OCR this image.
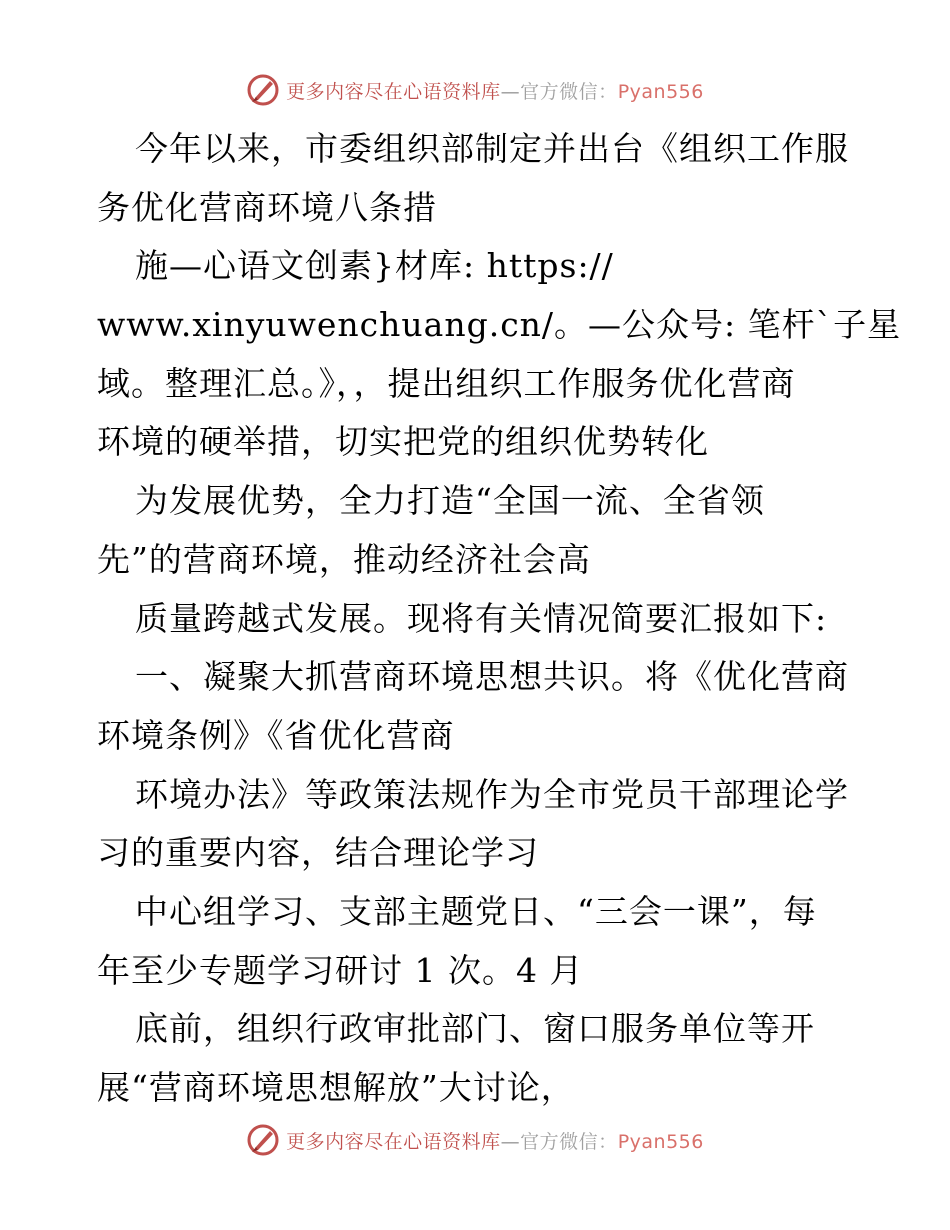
更多内容尽在心语资料库—官方微信：Pyan556
今年以来，市委组织部制定并出台《组织工作服
务优化营商环境八条措
施—心语文创素}材库: https://
www.xinyuwenchuang.cn/。—公众号: 笔杆`子星
域。整理汇总。》，，提出组织工作服务优化营商
环境的硬举措，切实把党的组织优势转化
为发展优势，全力打造“全国一流、全省领
先”的营商环境，推动经济社会高
质量跨越式发展。现将有关情况简要汇报如下:
一、凝聚大抓营商环境思想共识。将《优化营商
环境条例》《省优化营商
环境办法》等政策法规作为全市党员干部理论学
习的重要内容，结合理论学习
中心组学习、支部主题党日、“三会一课”，每
年至少专题学习研讨 1 次。4 月
底前，组织行政审批部门、窗口服务单位等开
展“营商环境思想解放”大讨论，
更多内容尽在心语资料库—官方微信：Pyan556
